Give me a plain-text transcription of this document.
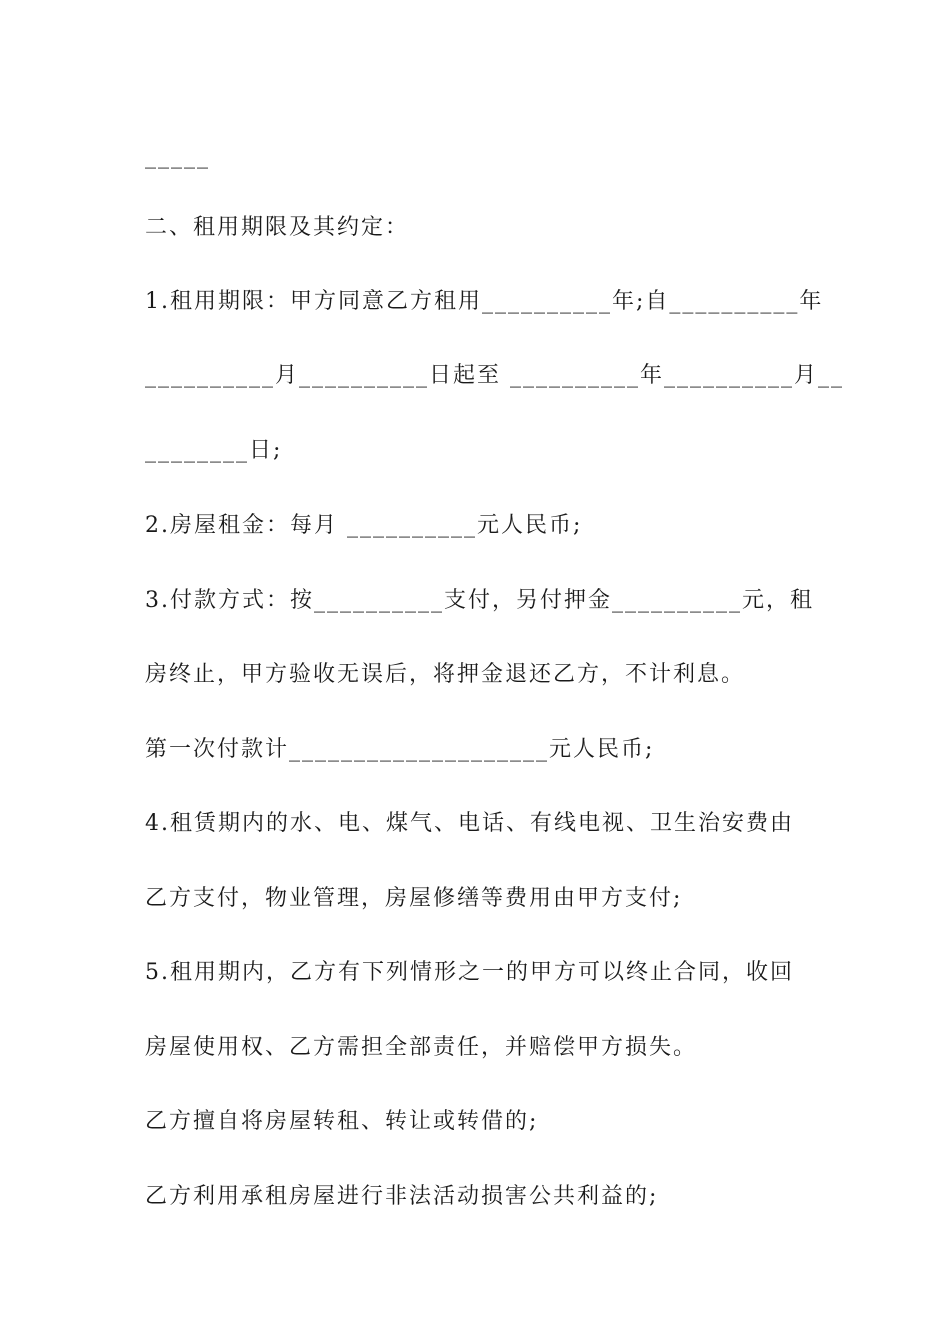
_____
二、租用期限及其约定：
1.租用期限：甲方同意乙方租用__________年;自__________年
__________月__________日起至 __________年__________月__
________日;
2.房屋租金：每月 __________元人民币;
3.付款方式：按__________支付，另付押金__________元，租
房终止，甲方验收无误后，将押金退还乙方，不计利息。
第一次付款计____________________元人民币;
4.租赁期内的水、电、煤气、电话、有线电视、卫生治安费由
乙方支付，物业管理，房屋修缮等费用由甲方支付;
5.租用期内，乙方有下列情形之一的甲方可以终止合同，收回
房屋使用权、乙方需担全部责任，并赔偿甲方损失。
乙方擅自将房屋转租、转让或转借的;
乙方利用承租房屋进行非法活动损害公共利益的;
